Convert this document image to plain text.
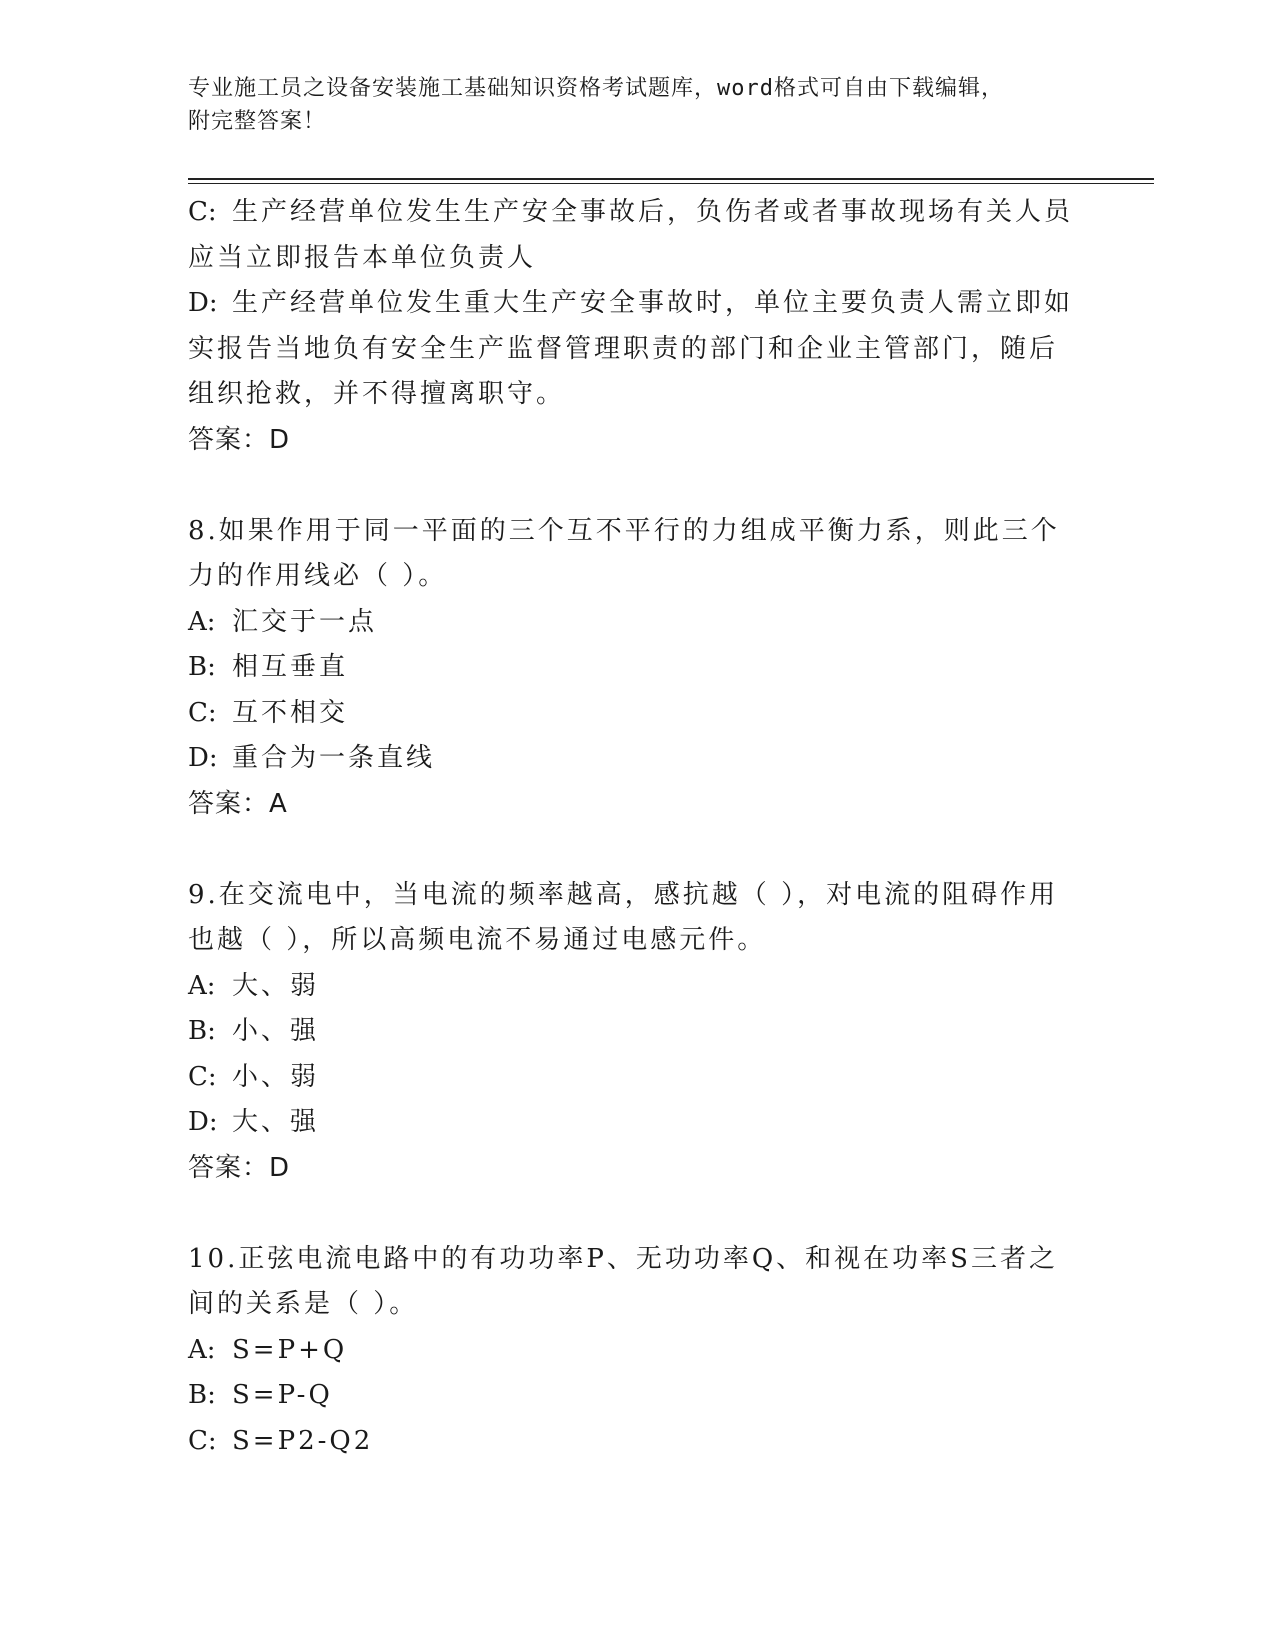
专业施工员之设备安装施工基础知识资格考试题库，word格式可自由下载编辑，
附完整答案！
C: 生产经营单位发生生产安全事故后，负伤者或者事故现场有关人员
应当立即报告本单位负责人
D: 生产经营单位发生重大生产安全事故时，单位主要负责人需立即如
实报告当地负有安全生产监督管理职责的部门和企业主管部门，随后
组织抢救，并不得擅离职守。
答案：D
8.如果作用于同一平面的三个互不平行的力组成平衡力系，则此三个
力的作用线必（ ）。
A: 汇交于一点
B: 相互垂直
C: 互不相交
D: 重合为一条直线
答案：A
9.在交流电中，当电流的频率越高，感抗越（ ），对电流的阻碍作用
也越（ ），所以高频电流不易通过电感元件。
A: 大、弱
B: 小、强
C: 小、弱
D: 大、强
答案：D
10.正弦电流电路中的有功功率P、无功功率Q、和视在功率S三者之
间的关系是（ ）。
A: S=P+Q
B: S=P-Q
C: S=P2-Q2
